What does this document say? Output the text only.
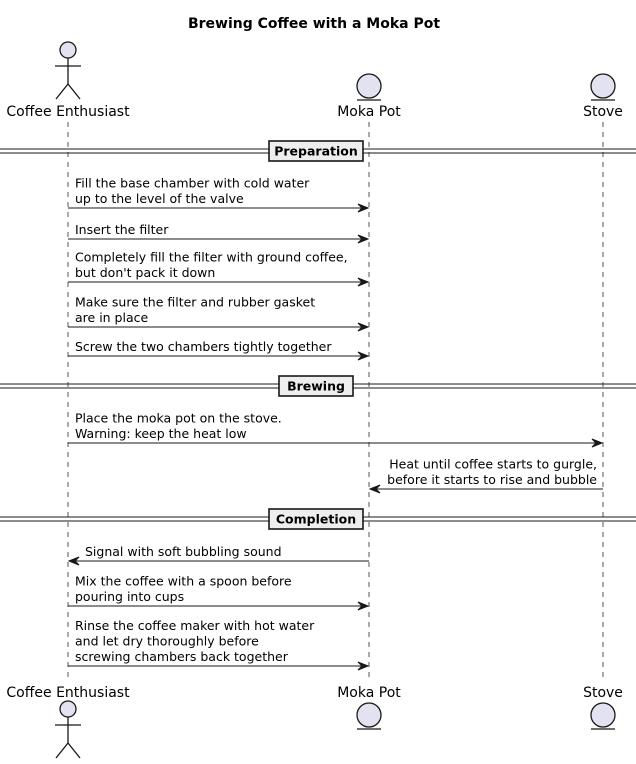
Brewing Coffee with a Moka Pot
Coffee Enthusiast
Coffee Enthusiast
Moka Pot
Moka Pot
Stove
Stove
Preparation
Brewing
Completion
Fill the base chamber with cold water
up to the level of the valve
Insert the filter
Completely fill the filter with ground coffee,
but don't pack it down
Make sure the filter and rubber gasket
are in place
Screw the two chambers tightly together
Place the moka pot on the stove.
Warning: keep the heat low
Heat until coffee starts to gurgle,
before it starts to rise and bubble
Signal with soft bubbling sound
Mix the coffee with a spoon before
pouring into cups
Rinse the coffee maker with hot water
and let dry thoroughly before
screwing chambers back together
